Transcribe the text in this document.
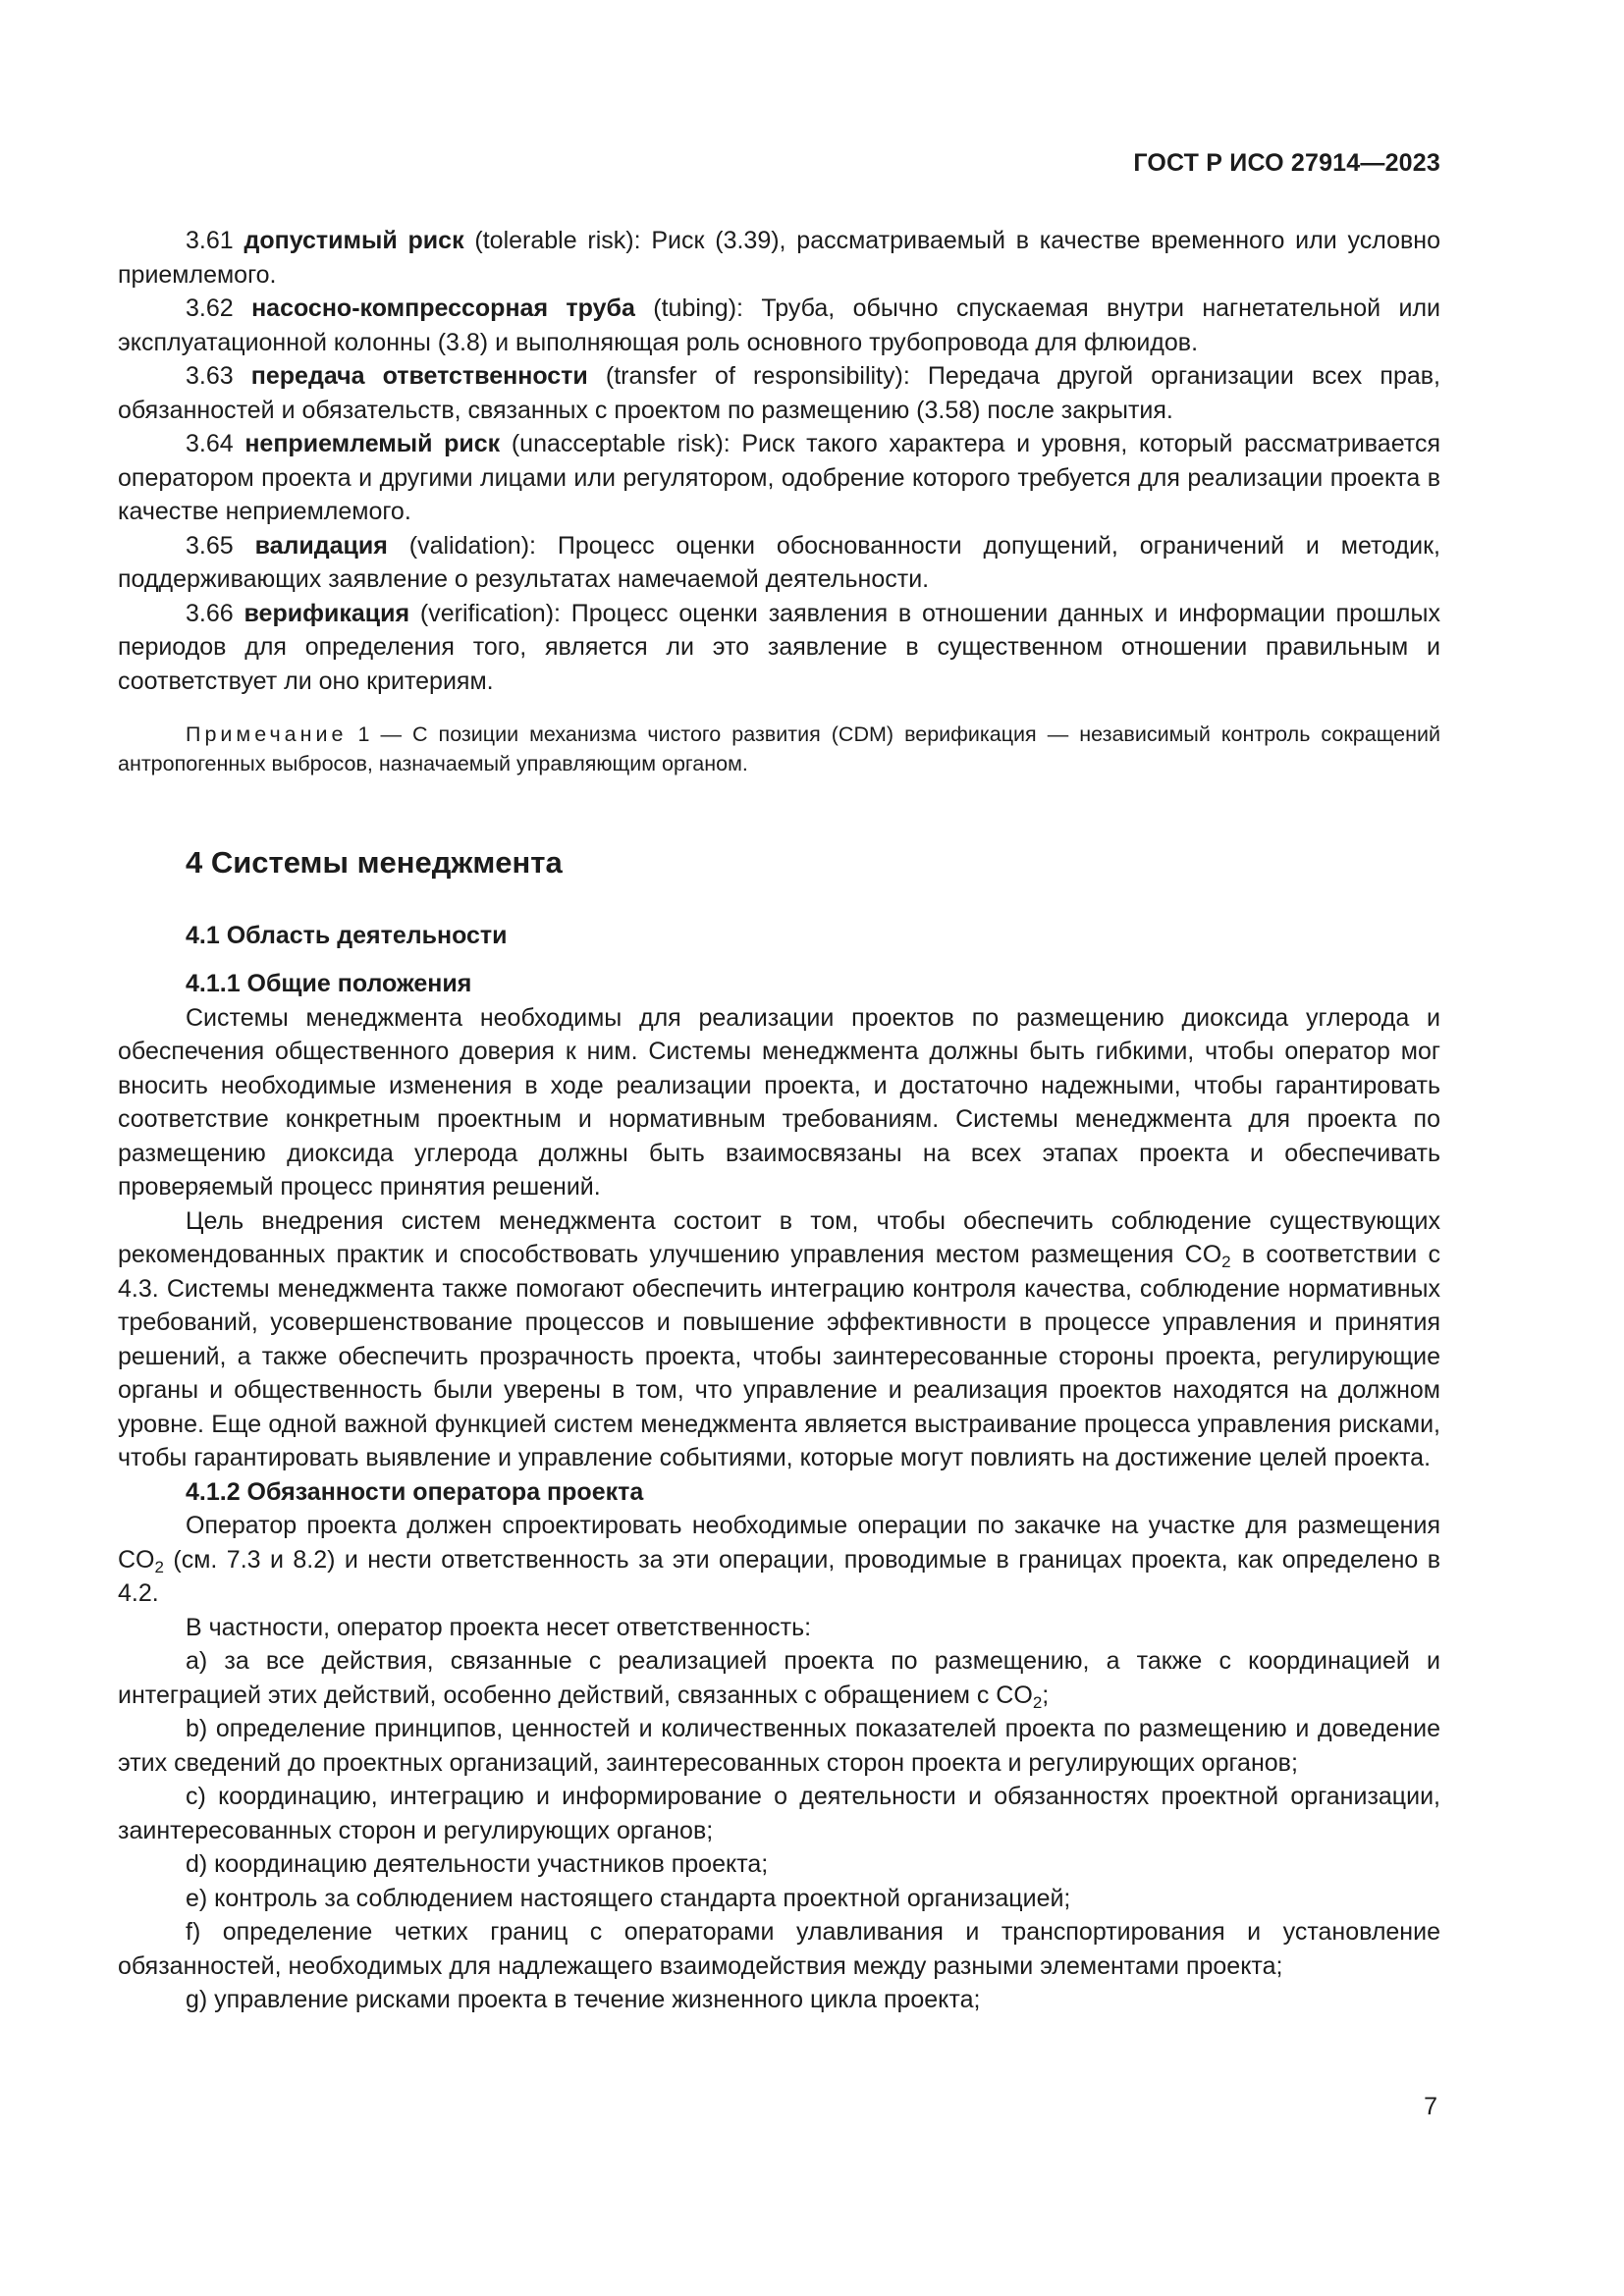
ГОСТ Р ИСО 27914—2023

3.61 допустимый риск (tolerable risk): Риск (3.39), рассматриваемый в качестве временного или условно приемлемого.

3.62 насосно-компрессорная труба (tubing): Труба, обычно спускаемая внутри нагнетательной или эксплуатационной колонны (3.8) и выполняющая роль основного трубопровода для флюидов.

3.63 передача ответственности (transfer of responsibility): Передача другой организации всех прав, обязанностей и обязательств, связанных с проектом по размещению (3.58) после закрытия.

3.64 неприемлемый риск (unacceptable risk): Риск такого характера и уровня, который рассматривается оператором проекта и другими лицами или регулятором, одобрение которого требуется для реализации проекта в качестве неприемлемого.

3.65 валидация (validation): Процесс оценки обоснованности допущений, ограничений и методик, поддерживающих заявление о результатах намечаемой деятельности.

3.66 верификация (verification): Процесс оценки заявления в отношении данных и информации прошлых периодов для определения того, является ли это заявление в существенном отношении правильным и соответствует ли оно критериям.

Примечание 1 — С позиции механизма чистого развития (CDM) верификация — независимый контроль сокращений антропогенных выбросов, назначаемый управляющим органом.

4 Системы менеджмента
4.1 Область деятельности
4.1.1 Общие положения

Системы менеджмента необходимы для реализации проектов по размещению диоксида углерода и обеспечения общественного доверия к ним. Системы менеджмента должны быть гибкими, чтобы оператор мог вносить необходимые изменения в ходе реализации проекта, и достаточно надежными, чтобы гарантировать соответствие конкретным проектным и нормативным требованиям. Системы менеджмента для проекта по размещению диоксида углерода должны быть взаимосвязаны на всех этапах проекта и обеспечивать проверяемый процесс принятия решений.

Цель внедрения систем менеджмента состоит в том, чтобы обеспечить соблюдение существующих рекомендованных практик и способствовать улучшению управления местом размещения $CO_2$ в соответствии с 4.3. Системы менеджмента также помогают обеспечить интеграцию контроля качества, соблюдение нормативных требований, усовершенствование процессов и повышение эффективности в процессе управления и принятия решений, а также обеспечить прозрачность проекта, чтобы заинтересованные стороны проекта, регулирующие органы и общественность были уверены в том, что управление и реализация проектов находятся на должном уровне. Еще одной важной функцией систем менеджмента является выстраивание процесса управления рисками, чтобы гарантировать выявление и управление событиями, которые могут повлиять на достижение целей проекта.

4.1.2 Обязанности оператора проекта

Оператор проекта должен спроектировать необходимые операции по закачке на участке для размещения $CO_2$ (см. 7.3 и 8.2) и нести ответственность за эти операции, проводимые в границах проекта, как определено в 4.2.

В частности, оператор проекта несет ответственность:

a) за все действия, связанные с реализацией проекта по размещению, а также с координацией и интеграцией этих действий, особенно действий, связанных с обращением с $CO_2$;

b) определение принципов, ценностей и количественных показателей проекта по размещению и доведение этих сведений до проектных организаций, заинтересованных сторон проекта и регулирующих органов;

c) координацию, интеграцию и информирование о деятельности и обязанностях проектной организации, заинтересованных сторон и регулирующих органов;

d) координацию деятельности участников проекта;

e) контроль за соблюдением настоящего стандарта проектной организацией;

f) определение четких границ с операторами улавливания и транспортирования и установление обязанностей, необходимых для надлежащего взаимодействия между разными элементами проекта;

g) управление рисками проекта в течение жизненного цикла проекта;

7
